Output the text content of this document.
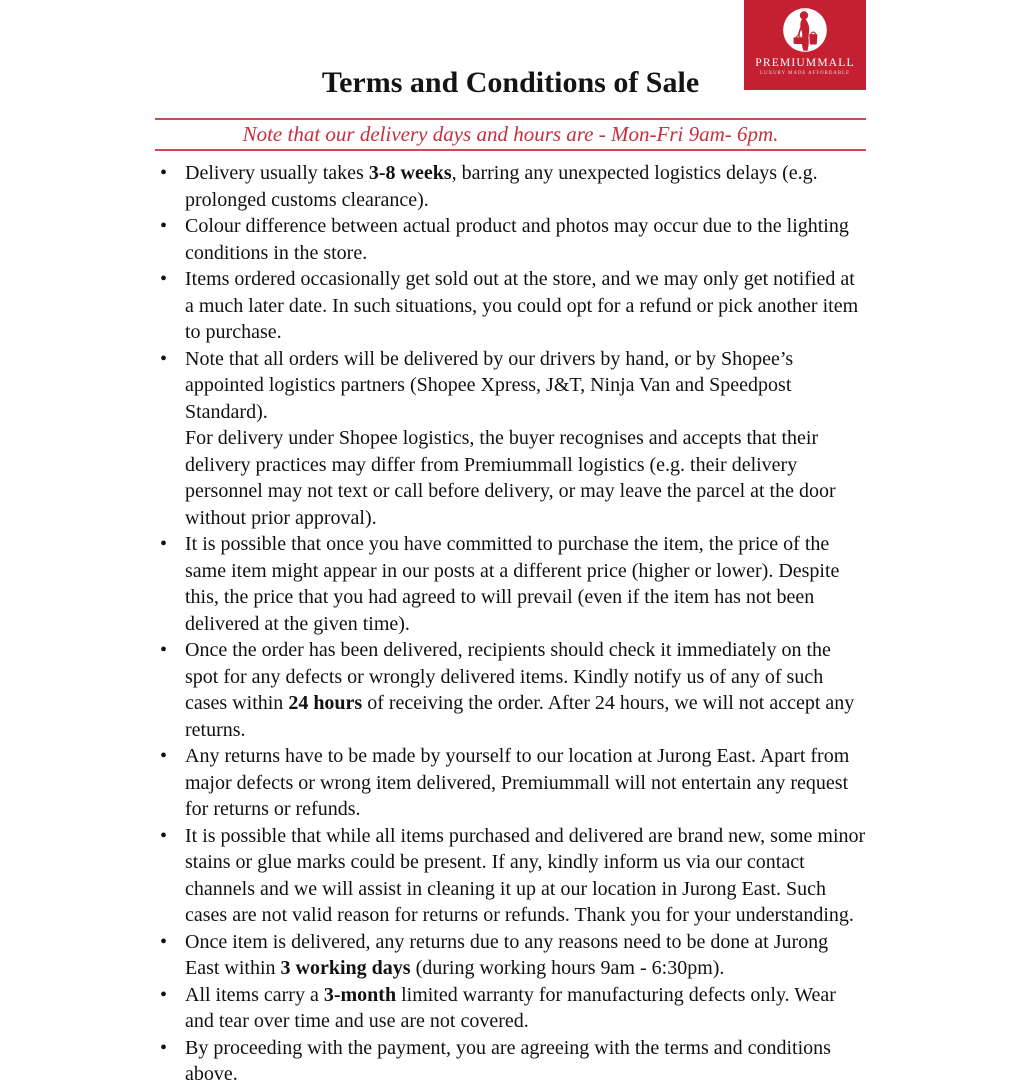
PREMIUMMALL
LUXURY MADE AFFORDABLE
Terms and Conditions of Sale

Note that our delivery days and hours are - Mon-Fri 9am- 6pm.

• Delivery usually takes 3-8 weeks, barring any unexpected logistics delays (e.g. prolonged customs clearance).
• Colour difference between actual product and photos may occur due to the lighting conditions in the store.
• Items ordered occasionally get sold out at the store, and we may only get notified at a much later date. In such situations, you could opt for a refund or pick another item to purchase.
• Note that all orders will be delivered by our drivers by hand, or by Shopee’s appointed logistics partners (Shopee Xpress, J&T, Ninja Van and Speedpost Standard).
For delivery under Shopee logistics, the buyer recognises and accepts that their delivery practices may differ from Premiummall logistics (e.g. their delivery personnel may not text or call before delivery, or may leave the parcel at the door without prior approval).
• It is possible that once you have committed to purchase the item, the price of the same item might appear in our posts at a different price (higher or lower). Despite this, the price that you had agreed to will prevail (even if the item has not been delivered at the given time).
• Once the order has been delivered, recipients should check it immediately on the spot for any defects or wrongly delivered items. Kindly notify us of any of such cases within 24 hours of receiving the order. After 24 hours, we will not accept any returns.
• Any returns have to be made by yourself to our location at Jurong East. Apart from major defects or wrong item delivered, Premiummall will not entertain any request for returns or refunds.
• It is possible that while all items purchased and delivered are brand new, some minor stains or glue marks could be present. If any, kindly inform us via our contact channels and we will assist in cleaning it up at our location in Jurong East. Such cases are not valid reason for returns or refunds. Thank you for your understanding.
• Once item is delivered, any returns due to any reasons need to be done at Jurong East within 3 working days (during working hours 9am - 6:30pm).
• All items carry a 3-month limited warranty for manufacturing defects only. Wear and tear over time and use are not covered.
• By proceeding with the payment, you are agreeing with the terms and conditions above.
